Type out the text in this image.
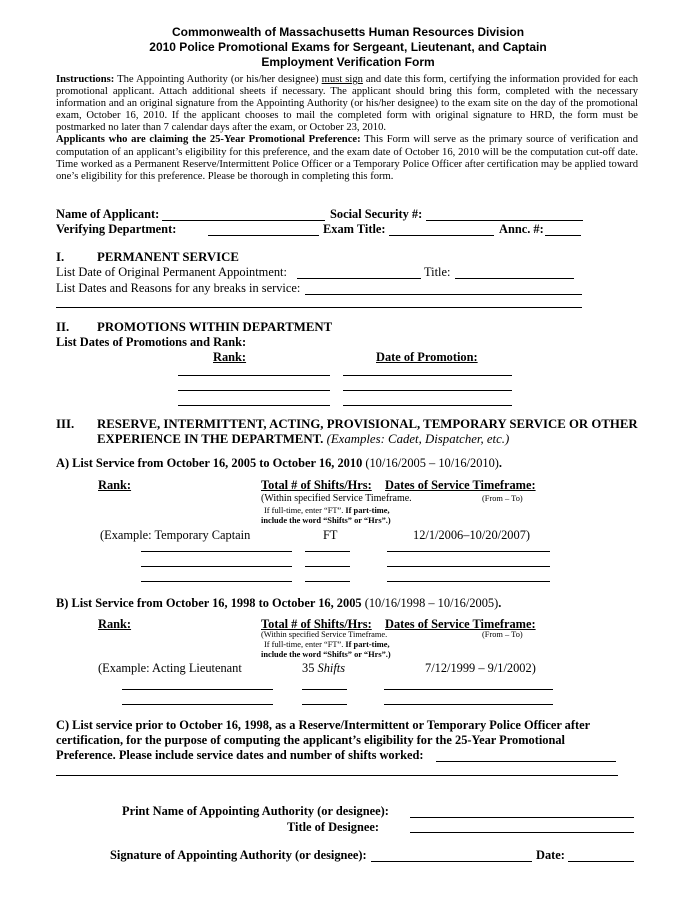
Commonwealth of Massachusetts Human Resources Division
2010 Police Promotional Exams for Sergeant, Lieutenant, and Captain
Employment Verification Form

Instructions: The Appointing Authority (or his/her designee) must sign and date this form, certifying the information provided for each promotional applicant. Attach additional sheets if necessary. The applicant should bring this form, completed with the necessary information and an original signature from the Appointing Authority (or his/her designee) to the exam site on the day of the promotional exam, October 16, 2010. If the applicant chooses to mail the completed form with original signature to HRD, the form must be postmarked no later than 7 calendar days after the exam, or October 23, 2010.

Applicants who are claiming the 25-Year Promotional Preference: This Form will serve as the primary source of verification and computation of an applicant’s eligibility for this preference, and the exam date of October 16, 2010 will be the computation cut-off date. Time worked as a Permanent Reserve/Intermittent Police Officer or a Temporary Police Officer after certification may be applied toward one’s eligibility for this preference. Please be thorough in completing this form.

Name of Applicant:	Social Security #:
Verifying Department:	Exam Title:	Annc. #:
I.	PERMANENT SERVICE
List Date of Original Permanent Appointment:	Title:
List Dates and Reasons for any breaks in service:
II. PROMOTIONS WITHIN DEPARTMENT
List Dates of Promotions and Rank:
Rank:	Date of Promotion:
III. RESERVE, INTERMITTENT, ACTING, PROVISIONAL, TEMPORARY SERVICE OR OTHER
EXPERIENCE IN THE DEPARTMENT. (Examples: Cadet, Dispatcher, etc.)
A) List Service from October 16, 2005 to October 16, 2010 (10/16/2005 – 10/16/2010).
Rank:	Total # of Shifts/Hrs: Dates of Service Timeframe:
(Within specified Service Timeframe.	(From – To)
If full-time, enter “FT”. If part-time,
include the word “Shifts” or “Hrs”.)
(Example: Temporary Captain	FT	12/1/2006–10/20/2007)
B) List Service from October 16, 1998 to October 16, 2005 (10/16/1998 – 10/16/2005).
Rank:	Total # of Shifts/Hrs: Dates of Service Timeframe:
(Within specified Service Timeframe.	(From – To)
If full-time, enter “FT”. If part-time,
include the word “Shifts” or “Hrs”.)
(Example: Acting Lieutenant	35 Shifts	7/12/1999 – 9/1/2002)
C) List service prior to October 16, 1998, as a Reserve/Intermittent or Temporary Police Officer after
certification, for the purpose of computing the applicant’s eligibility for the 25-Year Promotional
Preference. Please include service dates and number of shifts worked:
Print Name of Appointing Authority (or designee):
Title of Designee:
Signature of Appointing Authority (or designee):	Date:
